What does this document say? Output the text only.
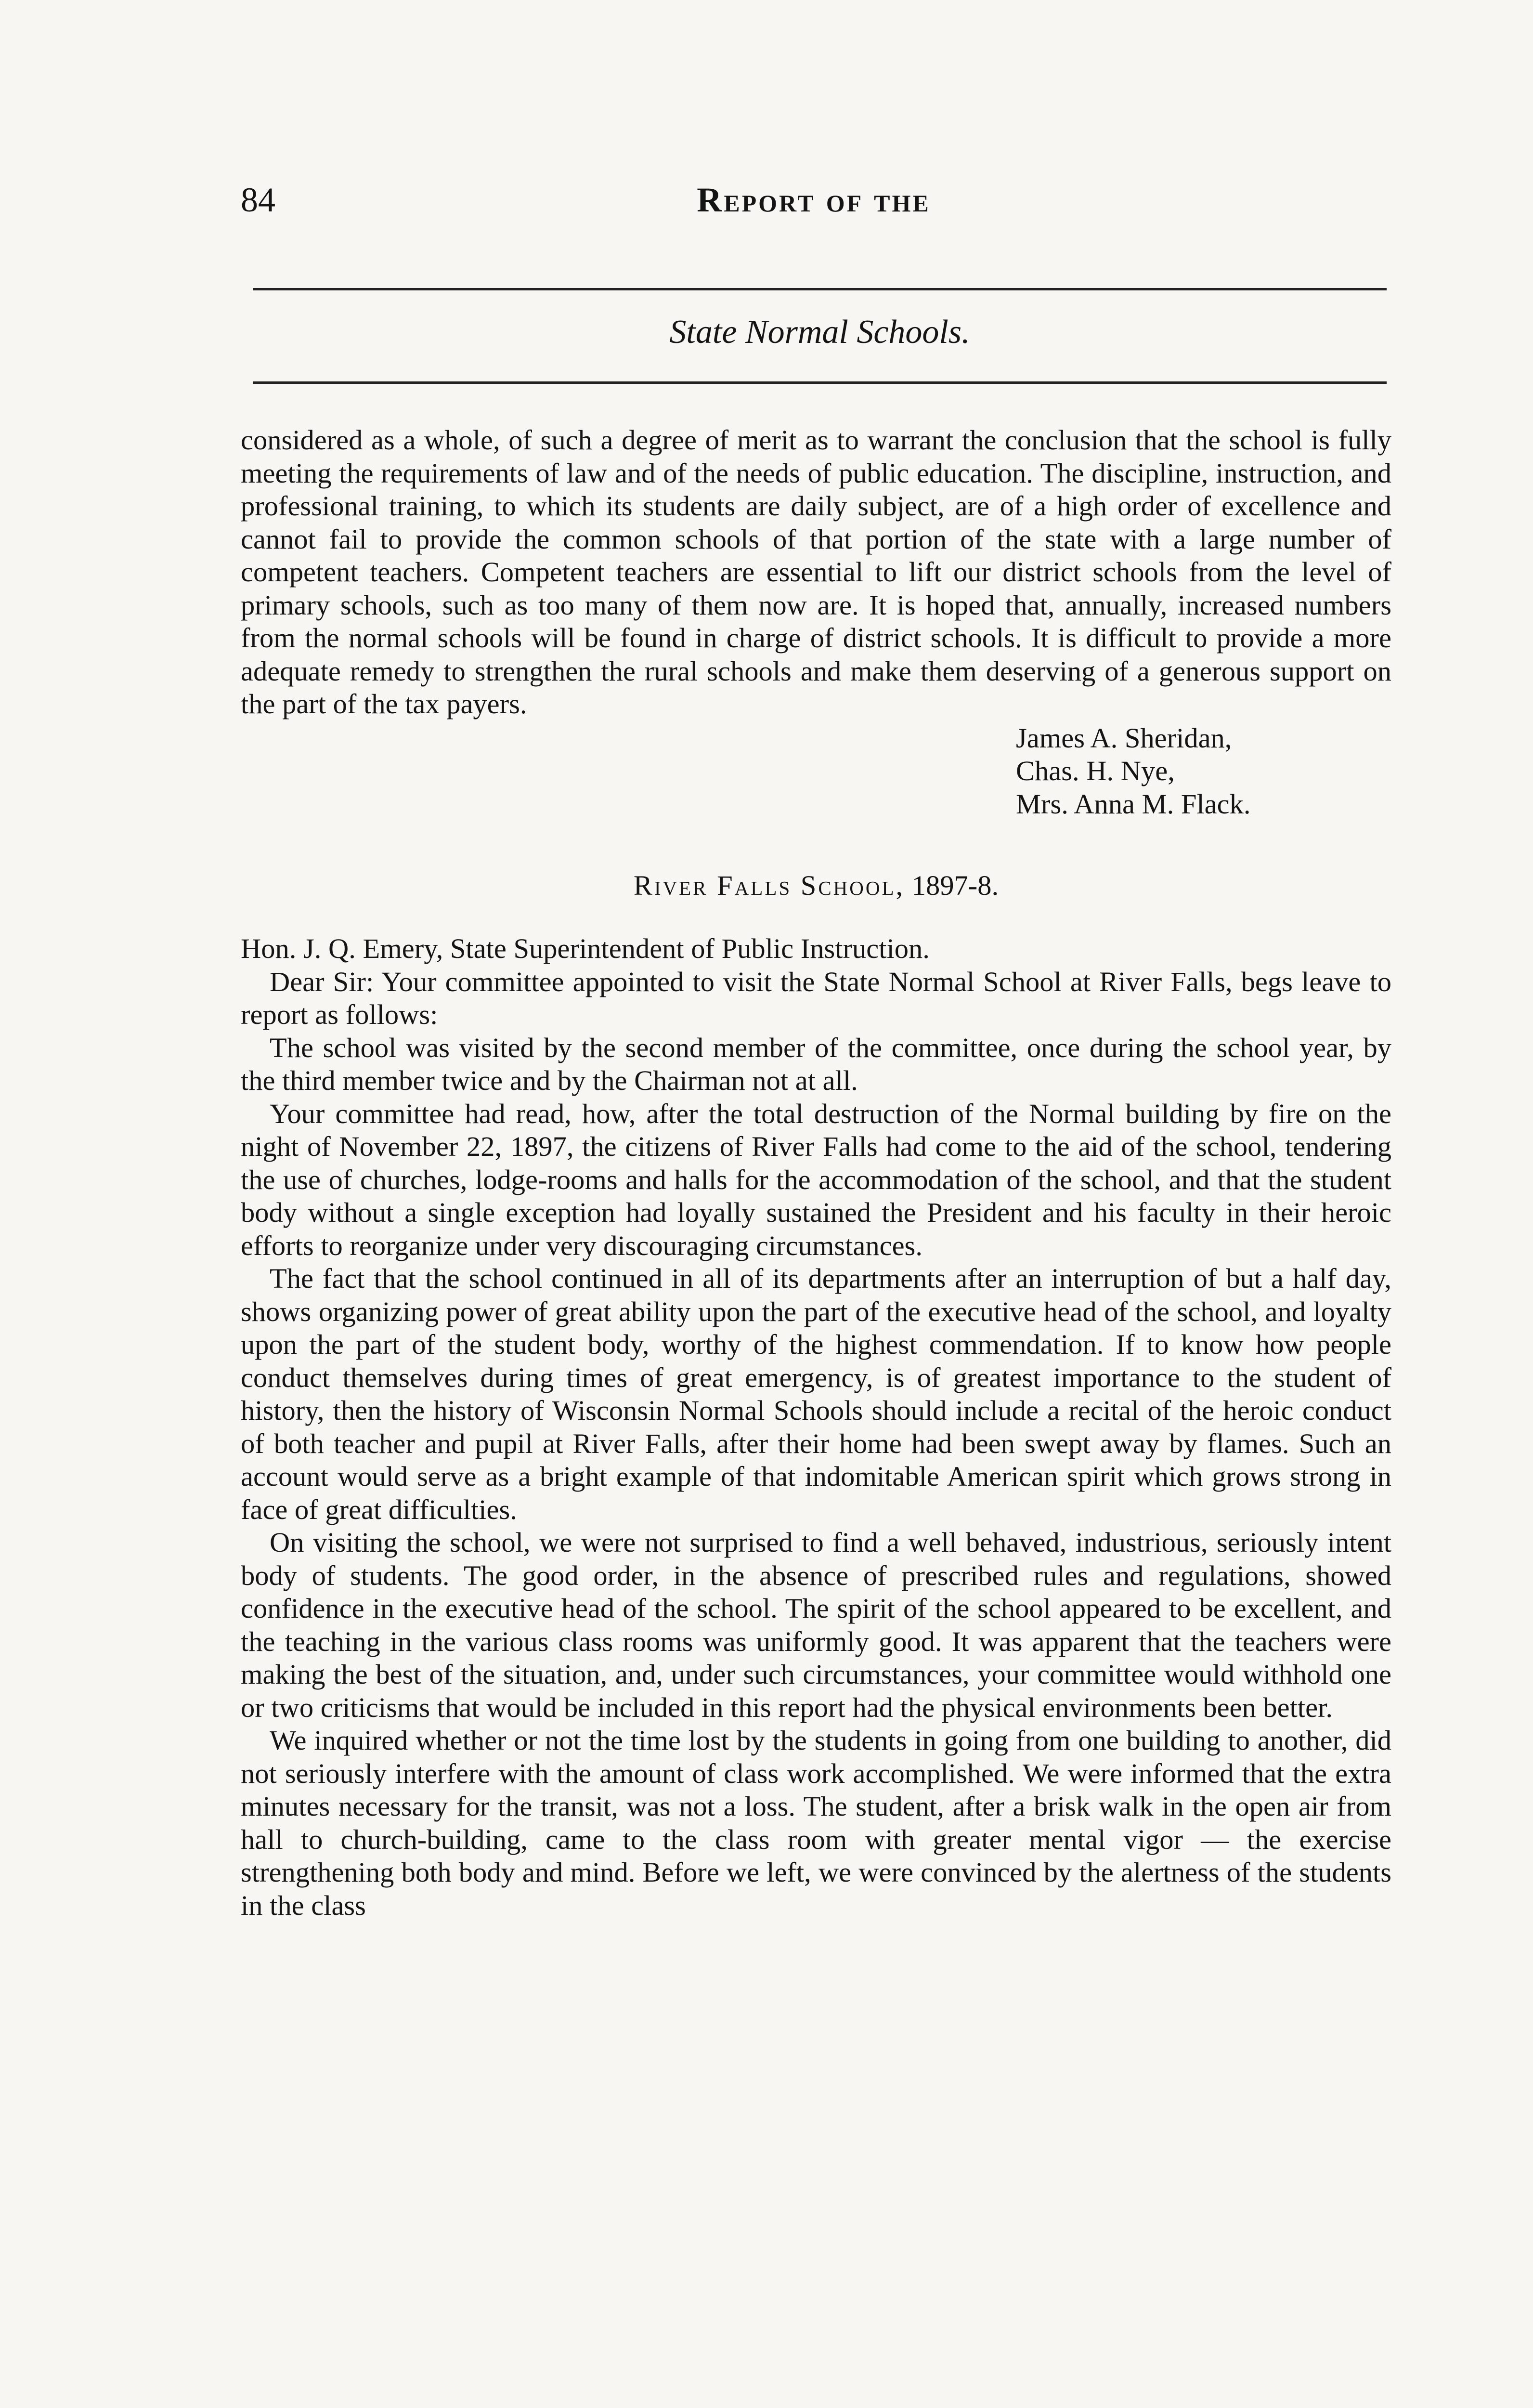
84	Report of the
State Normal Schools.

considered as a whole, of such a degree of merit as to warrant the conclusion that the school is fully meeting the requirements of law and of the needs of public education. The discipline, instruction, and professional training, to which its students are daily subject, are of a high order of excellence and cannot fail to provide the common schools of that portion of the state with a large number of competent teachers. Competent teachers are essential to lift our district schools from the level of primary schools, such as too many of them now are. It is hoped that, annually, increased numbers from the normal schools will be found in charge of district schools. It is difficult to provide a more adequate remedy to strengthen the rural schools and make them deserving of a generous support on the part of the tax payers.

James A. Sheridan,
Chas. H. Nye,
Mrs. Anna M. Flack.
River Falls School, 1897-8.
Hon. J. Q. Emery, State Superintendent of Public Instruction.

Dear Sir: Your committee appointed to visit the State Normal School at River Falls, begs leave to report as follows:

The school was visited by the second member of the committee, once during the school year, by the third member twice and by the Chairman not at all.

Your committee had read, how, after the total destruction of the Normal building by fire on the night of November 22, 1897, the citizens of River Falls had come to the aid of the school, tendering the use of churches, lodge-rooms and halls for the accommodation of the school, and that the student body without a single exception had loyally sustained the President and his faculty in their heroic efforts to reorganize under very discouraging circumstances.

The fact that the school continued in all of its departments after an interruption of but a half day, shows organizing power of great ability upon the part of the executive head of the school, and loyalty upon the part of the student body, worthy of the highest commendation. If to know how people conduct themselves during times of great emergency, is of greatest importance to the student of history, then the history of Wisconsin Normal Schools should include a recital of the heroic conduct of both teacher and pupil at River Falls, after their home had been swept away by flames. Such an account would serve as a bright example of that indomitable American spirit which grows strong in face of great difficulties.

On visiting the school, we were not surprised to find a well behaved, industrious, seriously intent body of students. The good order, in the absence of prescribed rules and regulations, showed confidence in the executive head of the school. The spirit of the school appeared to be excellent, and the teaching in the various class rooms was uniformly good. It was apparent that the teachers were making the best of the situation, and, under such circumstances, your committee would withhold one or two criticisms that would be included in this report had the physical environments been better.

We inquired whether or not the time lost by the students in going from one building to another, did not seriously interfere with the amount of class work accomplished. We were informed that the extra minutes necessary for the transit, was not a loss. The student, after a brisk walk in the open air from hall to church-building, came to the class room with greater mental vigor — the exercise strengthening both body and mind. Before we left, we were convinced by the alertness of the students in the class
